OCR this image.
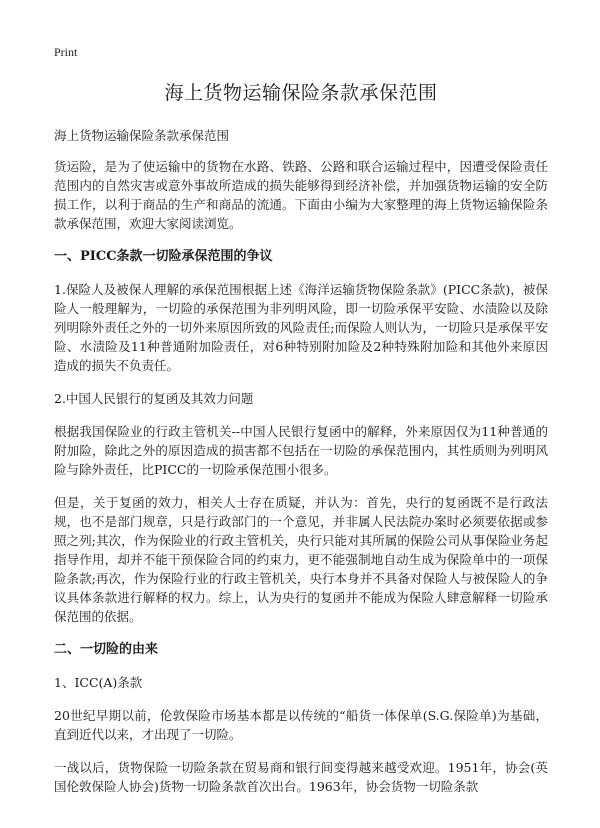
Print
海上货物运输保险条款承保范围

海上货物运输保险条款承保范围

货运险，是为了使运输中的货物在水路、铁路、公路和联合运输过程中，因遭受保险责任范围内的自然灾害或意外事故所造成的损失能够得到经济补偿，并加强货物运输的安全防损工作，以利于商品的生产和商品的流通。下面由小编为大家整理的海上货物运输保险条款承保范围，欢迎大家阅读浏览。

一、PICC条款一切险承保范围的争议

1.保险人及被保人理解的承保范围根据上述《海洋运输货物保险条款》(PICC条款)，被保险人一般理解为，一切险的承保范围为非列明风险，即一切险承保平安险、水渍险以及除列明除外责任之外的一切外来原因所致的风险责任;而保险人则认为，一切险只是承保平安险、水渍险及11种普通附加险责任，对6种特别附加险及2种特殊附加险和其他外来原因造成的损失不负责任。

2.中国人民银行的复函及其效力问题

根据我国保险业的行政主管机关--中国人民银行复函中的解释，外来原因仅为11种普通的附加险，除此之外的原因造成的损害都不包括在一切险的承保范围内，其性质则为列明风险与除外责任，比PICC的一切险承保范围小很多。

但是，关于复函的效力，相关人士存在质疑，并认为：首先，央行的复函既不是行政法规，也不是部门规章，只是行政部门的一个意见，并非属人民法院办案时必须要依据或参照之列;其次，作为保险业的行政主管机关，央行只能对其所属的保险公司从事保险业务起指导作用，却并不能干预保险合同的约束力，更不能强制地自动生成为保险单中的一项保险条款;再次，作为保险行业的行政主管机关，央行本身并不具备对保险人与被保险人的争议具体条款进行解释的权力。综上，认为央行的复函并不能成为保险人肆意解释一切险承保范围的依据。

二、一切险的由来

1、ICC(A)条款

20世纪早期以前，伦敦保险市场基本都是以传统的“船货一体保单(S.G.保险单)为基础，直到近代以来，才出现了一切险。

一战以后，货物保险一切险条款在贸易商和银行间变得越来越受欢迎。1951年，协会(英国伦敦保险人协会)货物一切险条款首次出台。1963年，协会货物一切险条款
